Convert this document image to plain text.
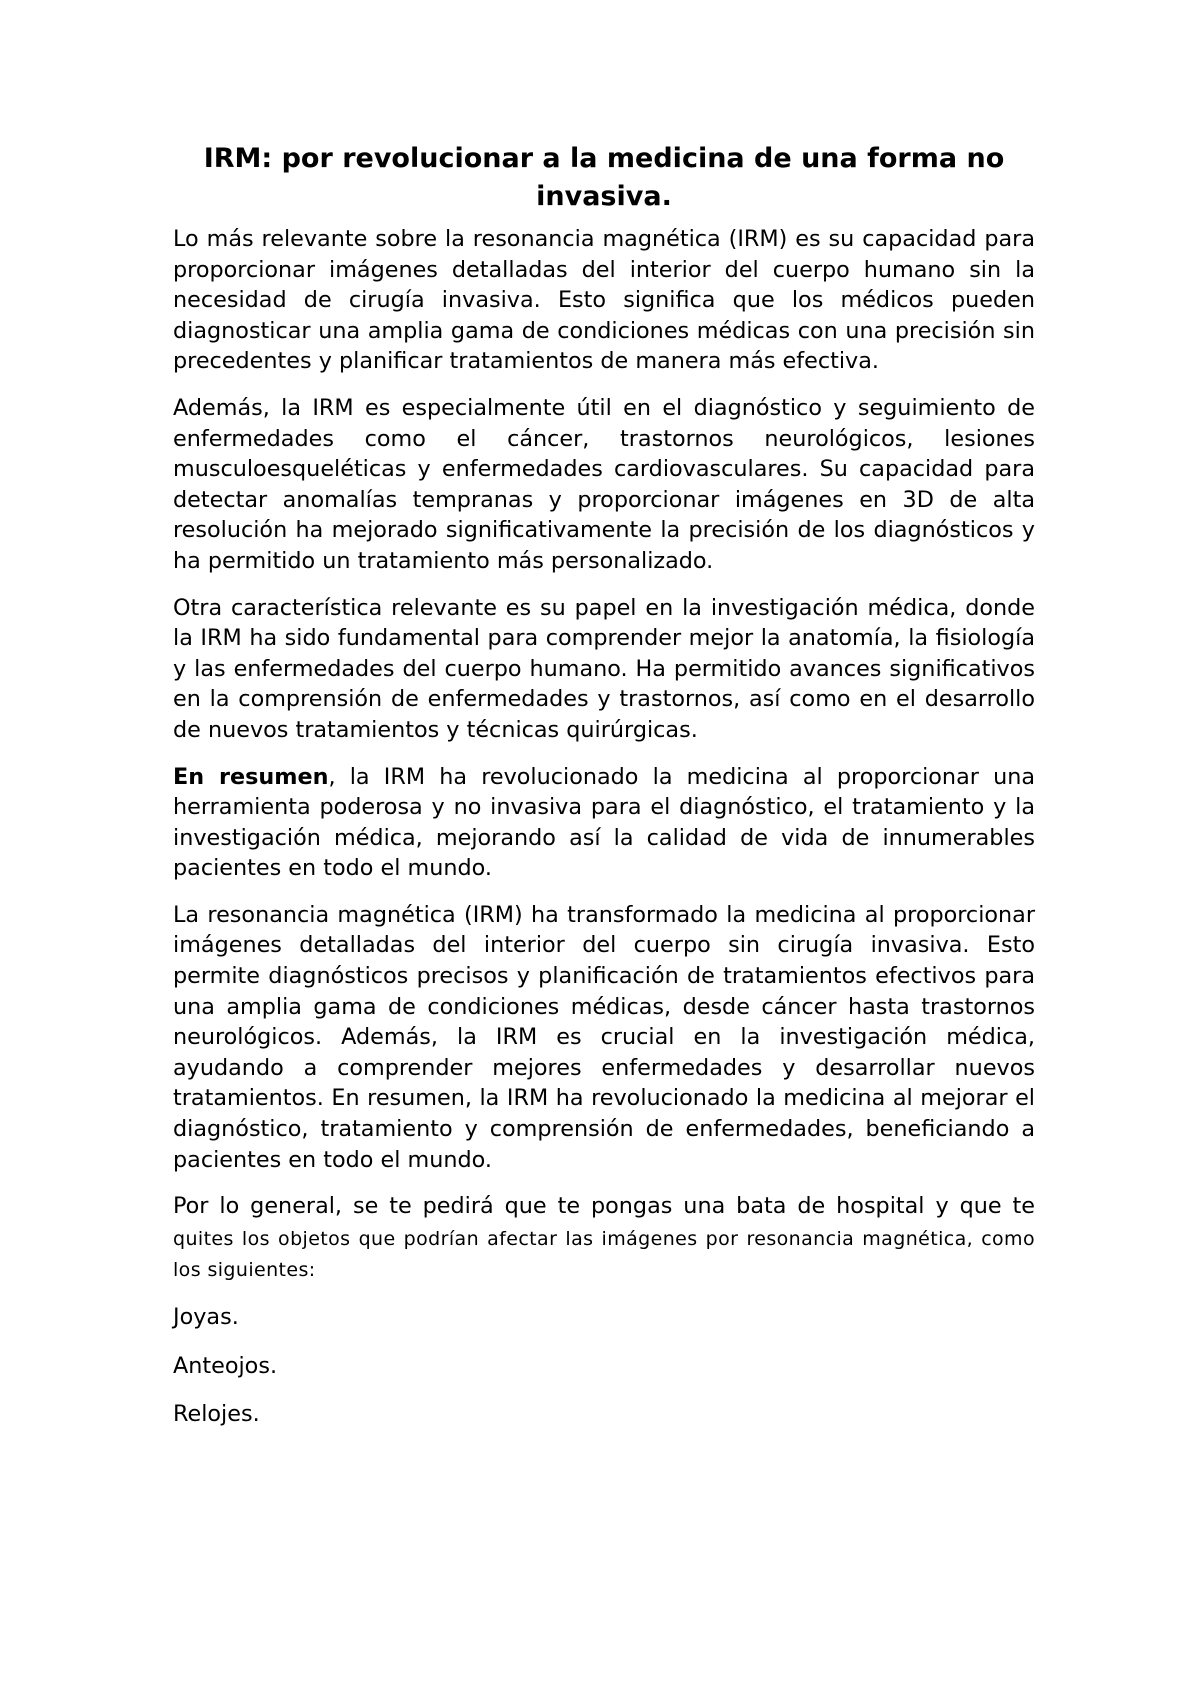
IRM: por revolucionar a la medicina de una forma no invasiva.

Lo más relevante sobre la resonancia magnética (IRM) es su capacidad para proporcionar imágenes detalladas del interior del cuerpo humano sin la necesidad de cirugía invasiva. Esto significa que los médicos pueden diagnosticar una amplia gama de condiciones médicas con una precisión sin precedentes y planificar tratamientos de manera más efectiva.

Además, la IRM es especialmente útil en el diagnóstico y seguimiento de enfermedades como el cáncer, trastornos neurológicos, lesiones musculoesqueléticas y enfermedades cardiovasculares. Su capacidad para detectar anomalías tempranas y proporcionar imágenes en 3D de alta resolución ha mejorado significativamente la precisión de los diagnósticos y ha permitido un tratamiento más personalizado.

Otra característica relevante es su papel en la investigación médica, donde la IRM ha sido fundamental para comprender mejor la anatomía, la fisiología y las enfermedades del cuerpo humano. Ha permitido avances significativos en la comprensión de enfermedades y trastornos, así como en el desarrollo de nuevos tratamientos y técnicas quirúrgicas.

En resumen, la IRM ha revolucionado la medicina al proporcionar una herramienta poderosa y no invasiva para el diagnóstico, el tratamiento y la investigación médica, mejorando así la calidad de vida de innumerables pacientes en todo el mundo.

La resonancia magnética (IRM) ha transformado la medicina al proporcionar imágenes detalladas del interior del cuerpo sin cirugía invasiva. Esto permite diagnósticos precisos y planificación de tratamientos efectivos para una amplia gama de condiciones médicas, desde cáncer hasta trastornos neurológicos. Además, la IRM es crucial en la investigación médica, ayudando a comprender mejores enfermedades y desarrollar nuevos tratamientos. En resumen, la IRM ha revolucionado la medicina al mejorar el diagnóstico, tratamiento y comprensión de enfermedades, beneficiando a pacientes en todo el mundo.

Por lo general, se te pedirá que te pongas una bata de hospital y que te quites los objetos que podrían afectar las imágenes por resonancia magnética, como los siguientes:

Joyas.

Anteojos.

Relojes.
